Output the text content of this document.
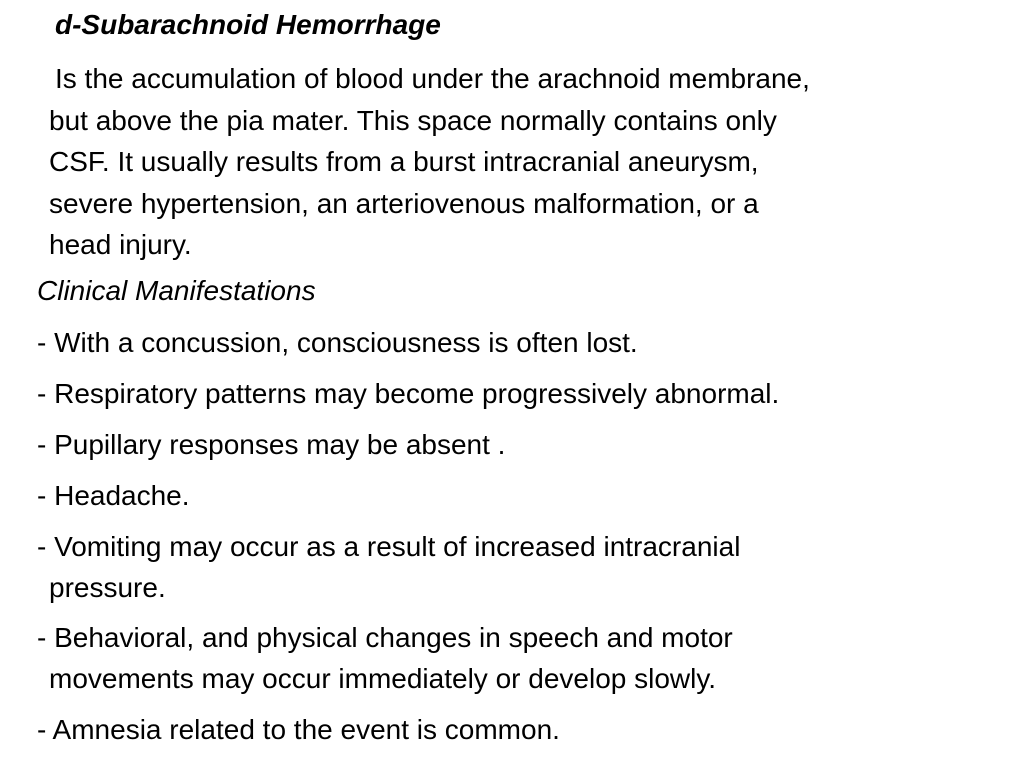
d-Subarachnoid Hemorrhage

Is the accumulation of blood under the arachnoid membrane,
but above the pia mater. This space normally contains only
CSF. It usually results from a burst intracranial aneurysm,
severe hypertension, an arteriovenous malformation, or a
head injury.

Clinical Manifestations
- With a concussion, consciousness is often lost.
- Respiratory patterns may become progressively abnormal.
- Pupillary responses may be absent .
- Headache.
- Vomiting may occur as a result of increased intracranial
pressure.
- Behavioral, and physical changes in speech and motor
movements may occur immediately or develop slowly.
- Amnesia related to the event is common.
